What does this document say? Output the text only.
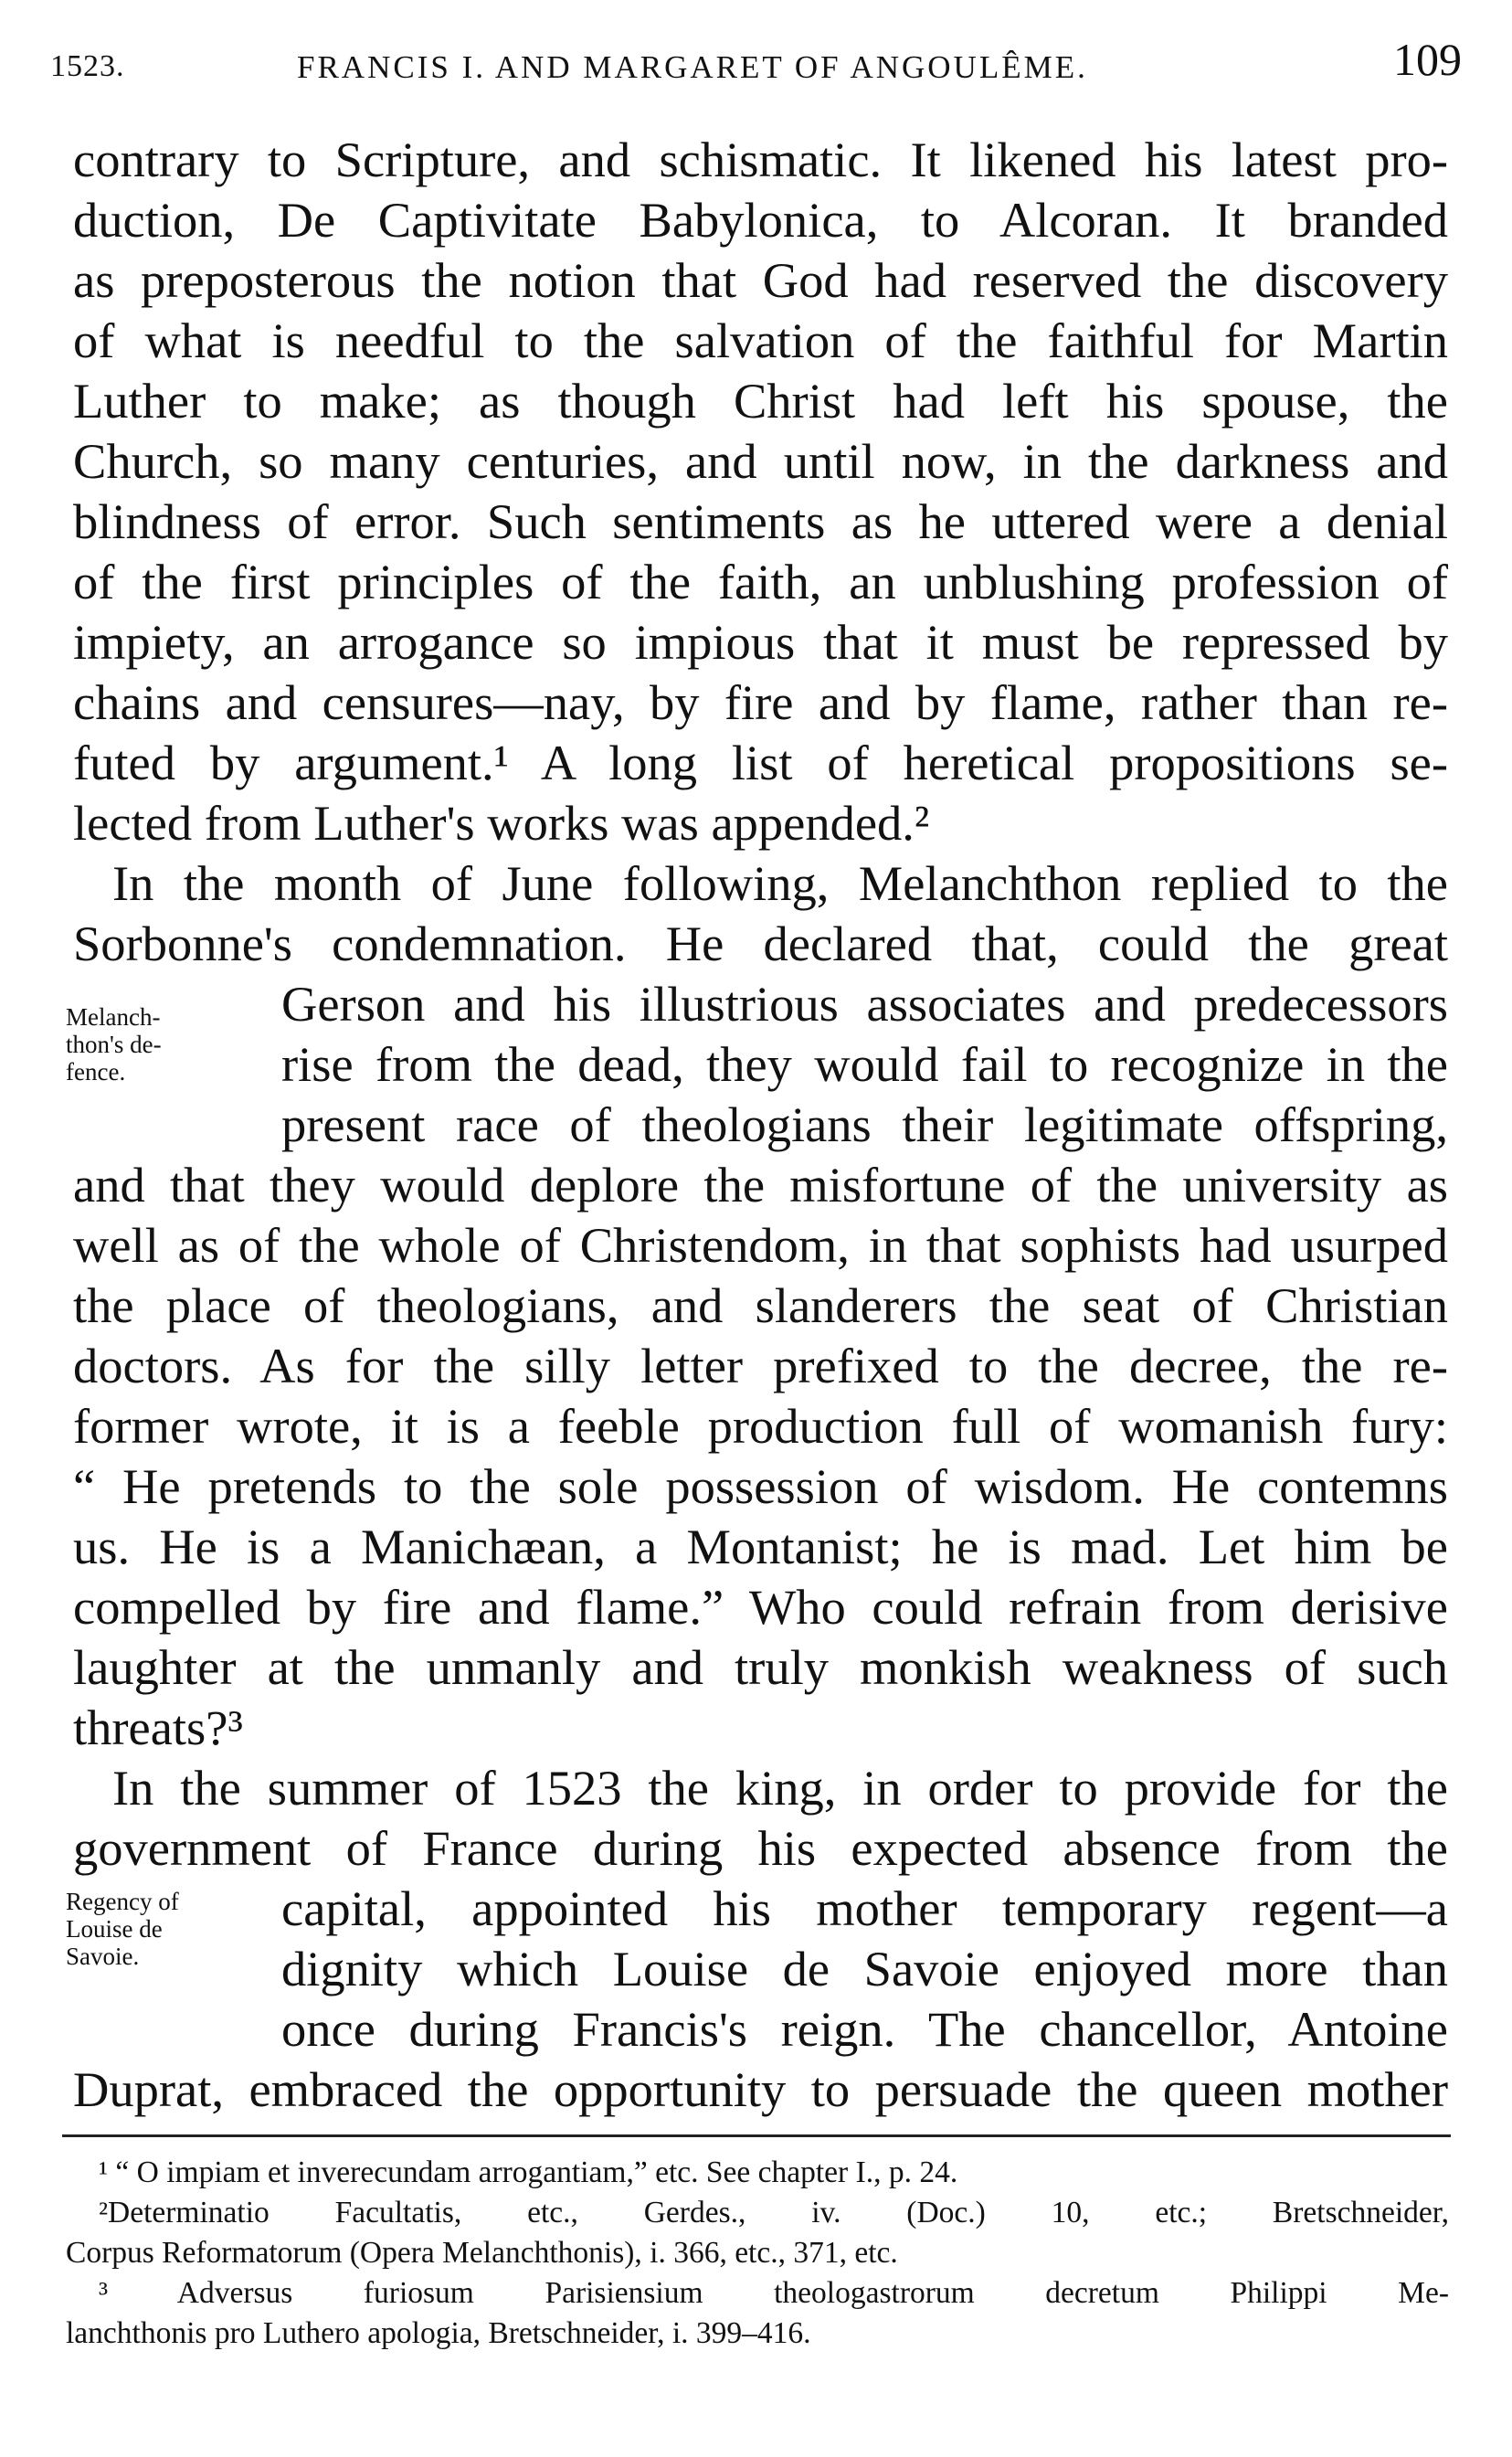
1523.	FRANCIS I. AND MARGARET OF ANGOULÊME.	109
contrary to Scripture, and schismatic. It likened his latest pro-
duction, De Captivitate Babylonica, to Alcoran. It branded
as preposterous the notion that God had reserved the discovery
of what is needful to the salvation of the faithful for Martin
Luther to make; as though Christ had left his spouse, the
Church, so many centuries, and until now, in the darkness and
blindness of error. Such sentiments as he uttered were a denial
of the first principles of the faith, an unblushing profession of
impiety, an arrogance so impious that it must be repressed by
chains and censures—nay, by fire and by flame, rather than re-
futed by argument.¹ A long list of heretical propositions se-
lected from Luther's works was appended.²
In the month of June following, Melanchthon replied to the
Sorbonne's condemnation. He declared that, could the great
Gerson and his illustrious associates and predecessors
rise from the dead, they would fail to recognize in the
present race of theologians their legitimate offspring,
and that they would deplore the misfortune of the university as
well as of the whole of Christendom, in that sophists had usurped
the place of theologians, and slanderers the seat of Christian
doctors. As for the silly letter prefixed to the decree, the re-
former wrote, it is a feeble production full of womanish fury:
“ He pretends to the sole possession of wisdom. He contemns
us. He is a Manichæan, a Montanist; he is mad. Let him be
compelled by fire and flame.” Who could refrain from derisive
laughter at the unmanly and truly monkish weakness of such
threats?³
In the summer of 1523 the king, in order to provide for the
government of France during his expected absence from the
capital, appointed his mother temporary regent—a
dignity which Louise de Savoie enjoyed more than
once during Francis's reign. The chancellor, Antoine
Duprat, embraced the opportunity to persuade the queen mother
Melanch-
thon's de-
fence.
Regency of
Louise de
Savoie.
¹ “ O impiam et inverecundam arrogantiam,” etc. See chapter I., p. 24.
²Determinatio Facultatis, etc., Gerdes., iv. (Doc.) 10, etc.; Bretschneider,
Corpus Reformatorum (Opera Melanchthonis), i. 366, etc., 371, etc.
³ Adversus furiosum Parisiensium theologastrorum decretum Philippi Me-
lanchthonis pro Luthero apologia, Bretschneider, i. 399–416.
